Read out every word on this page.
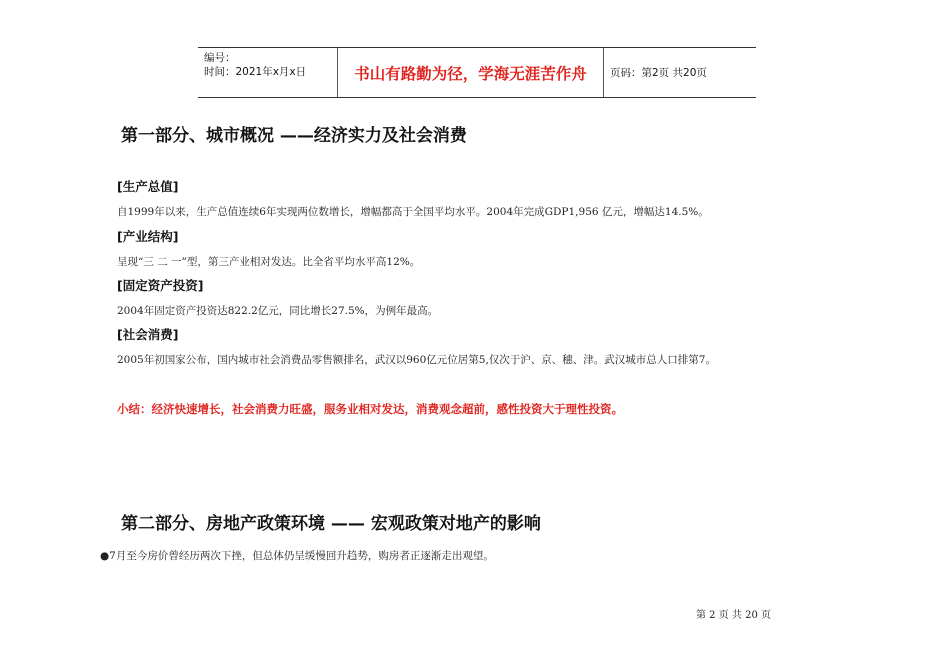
编号：
时间：2021年x月x日	书山有路勤为径，学海无涯苦作舟	页码：第2页 共20页
第一部分、城市概况 ——经济实力及社会消费
[生产总值]
自1999年以来，生产总值连续6年实现两位数增长，增幅都高于全国平均水平。2004年完成GDP1,956 亿元，增幅达14.5%。
[产业结构]
呈现“三 二 一”型，第三产业相对发达。比全省平均水平高12%。
[固定资产投资]
2004年固定资产投资达822.2亿元，同比增长27.5%，为例年最高。
[社会消费]
2005年初国家公布，国内城市社会消费品零售额排名，武汉以960亿元位居第5,仅次于沪、京、穗、津。武汉城市总人口排第7。
小结：经济快速增长，社会消费力旺盛，服务业相对发达，消费观念超前，感性投资大于理性投资。
第二部分、房地产政策环境 —— 宏观政策对地产的影响
●7月至今房价曾经历两次下挫，但总体仍呈缓慢回升趋势，购房者正逐渐走出观望。
第 2 页 共 20 页
